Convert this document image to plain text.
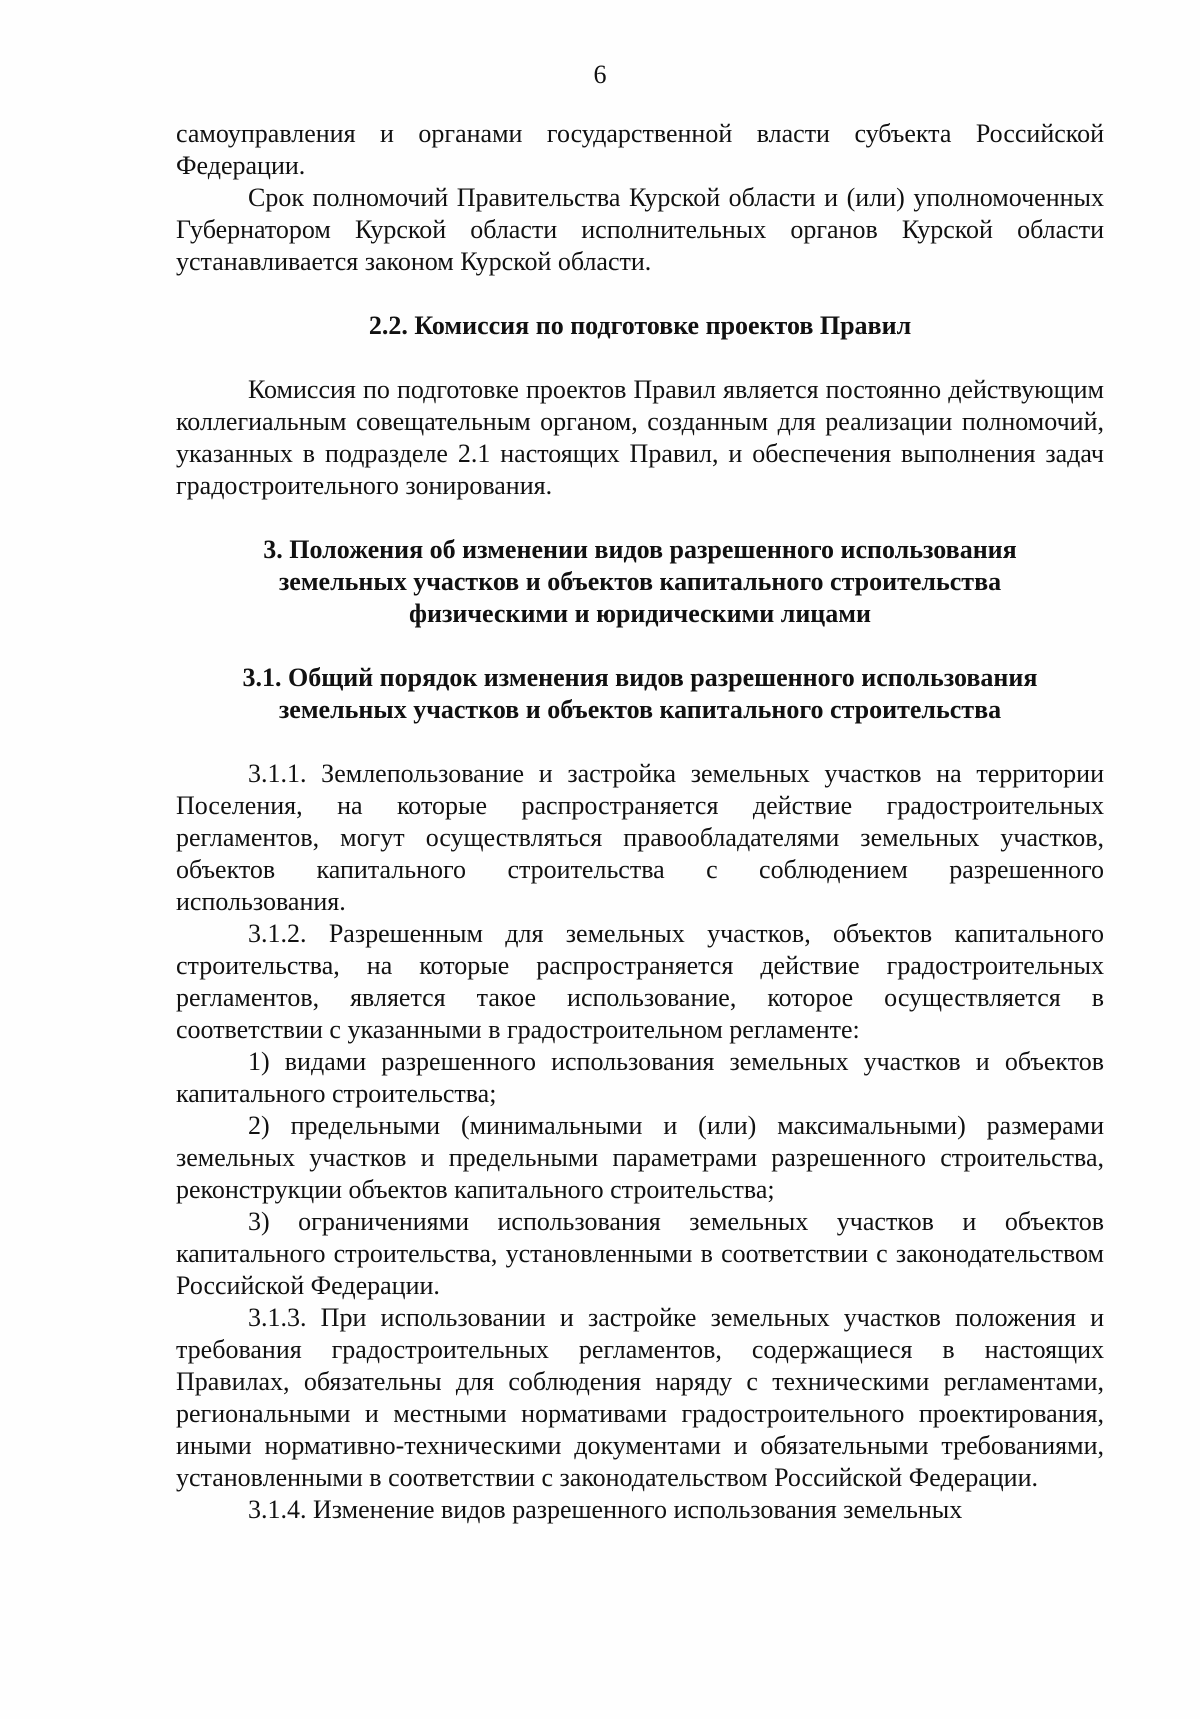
6

самоуправления и органами государственной власти субъекта Российской Федерации.

Срок полномочий Правительства Курской области и (или) уполномоченных Губернатором Курской области исполнительных органов Курской области устанавливается законом Курской области.

2.2. Комиссия по подготовке проектов Правил

Комиссия по подготовке проектов Правил является постоянно действующим коллегиальным совещательным органом, созданным для реализации полномочий, указанных в подразделе 2.1 настоящих Правил, и обеспечения выполнения задач градостроительного зонирования.

3. Положения об изменении видов разрешенного использования

земельных участков и объектов капитального строительства

физическими и юридическими лицами

3.1. Общий порядок изменения видов разрешенного использования

земельных участков и объектов капитального строительства

3.1.1. Землепользование и застройка земельных участков на территории Поселения, на которые распространяется действие градостроительных регламентов, могут осуществляться правообладателями земельных участков, объектов капитального строительства с соблюдением разрешенного использования.

3.1.2. Разрешенным для земельных участков, объектов капитального строительства, на которые распространяется действие градостроительных регламентов, является такое использование, которое осуществляется в соответствии с указанными в градостроительном регламенте:

1) видами разрешенного использования земельных участков и объектов капитального строительства;

2) предельными (минимальными и (или) максимальными) размерами земельных участков и предельными параметрами разрешенного строительства, реконструкции объектов капитального строительства;

3) ограничениями использования земельных участков и объектов капитального строительства, установленными в соответствии с законодательством Российской Федерации.

3.1.3. При использовании и застройке земельных участков положения и требования градостроительных регламентов, содержащиеся в настоящих Правилах, обязательны для соблюдения наряду с техническими регламентами, региональными и местными нормативами градостроительного проектирования, иными нормативно-техническими документами и обязательными требованиями, установленными в соответствии с законодательством Российской Федерации.

3.1.4. Изменение видов разрешенного использования земельных
